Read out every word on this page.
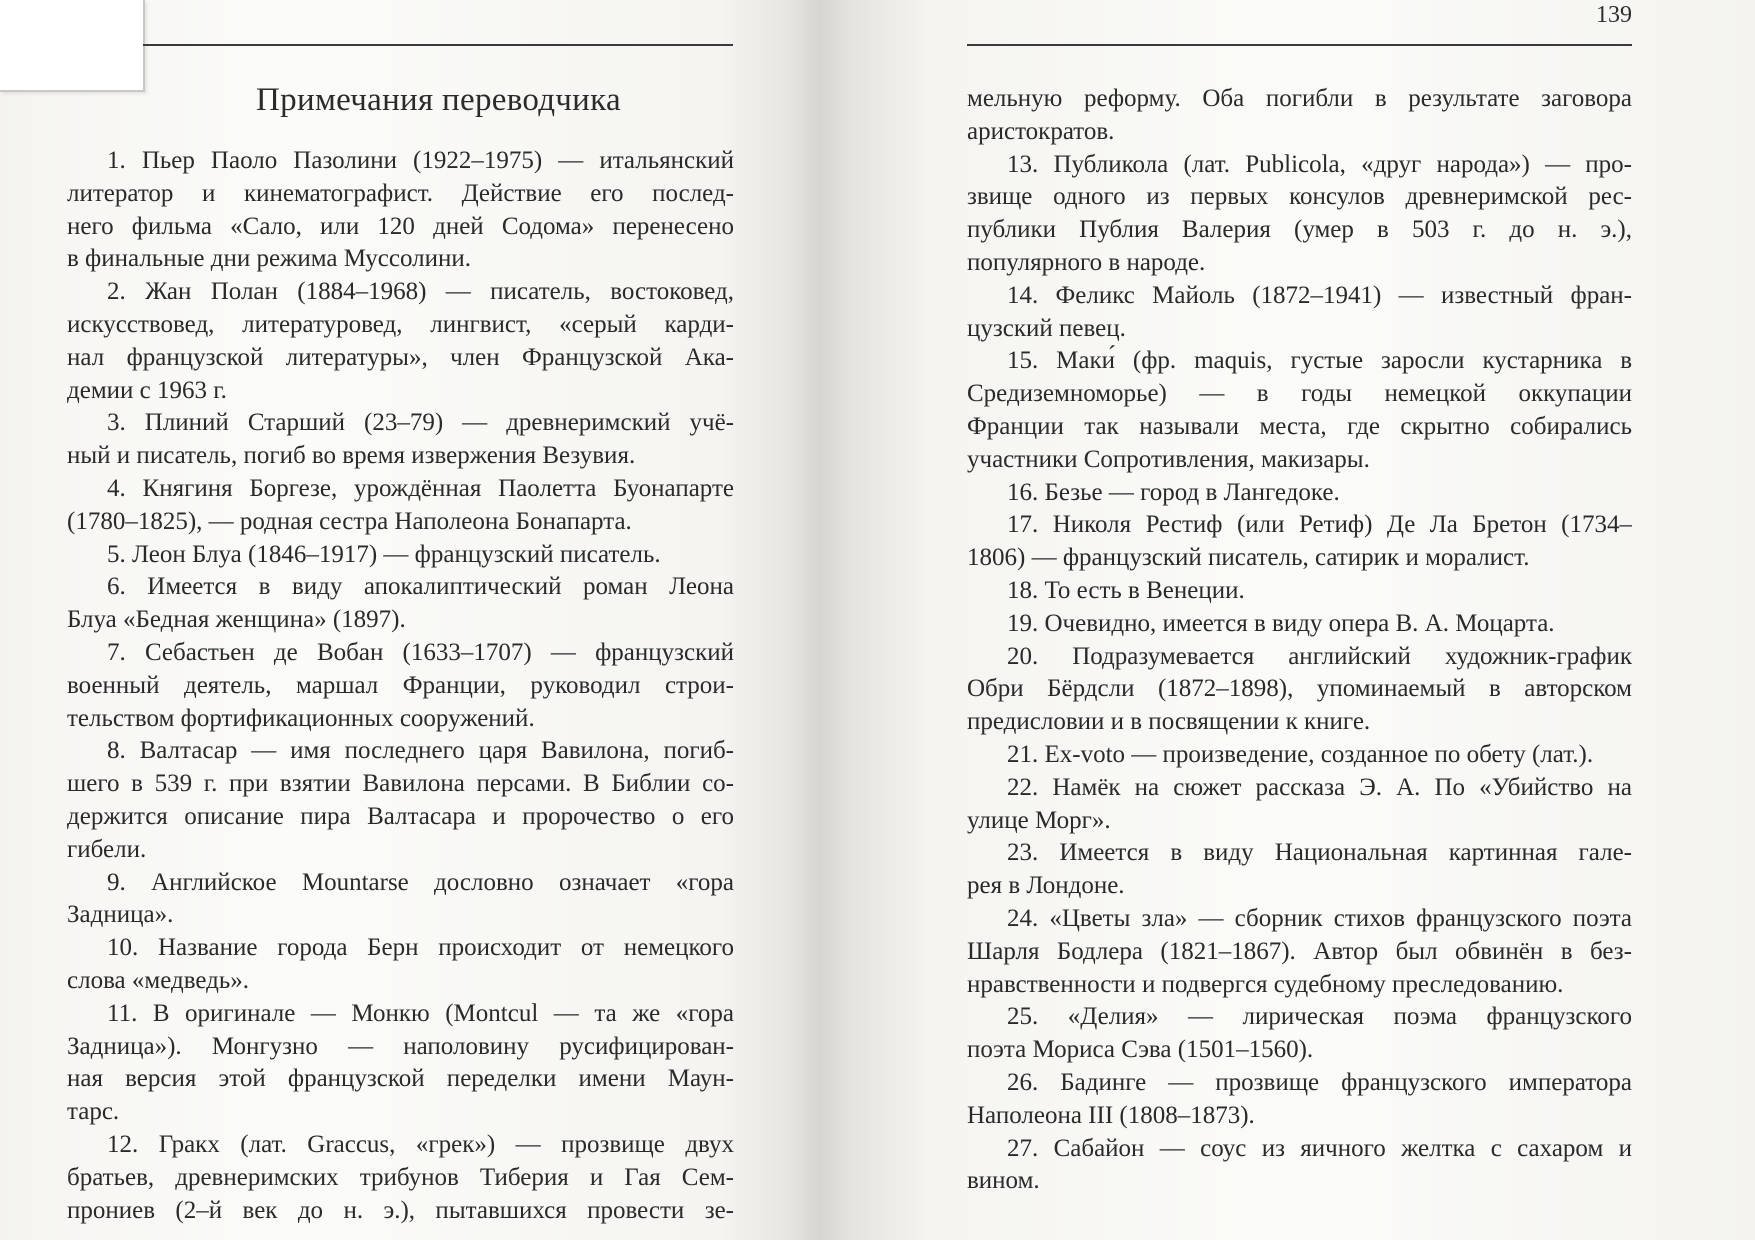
139
Примечания переводчика
1. Пьер Паоло Пазолини (1922–1975) — итальянский
литератор и кинематографист. Действие его послед-
него фильма «Сало, или 120 дней Содома» перенесено
в финальные дни режима Муссолини.
2. Жан Полан (1884–1968) — писатель, востоковед,
искусствовед, литературовед, лингвист, «серый карди-
нал французской литературы», член Французской Ака-
демии с 1963 г.
3. Плиний Старший (23–79) — древнеримский учё-
ный и писатель, погиб во время извержения Везувия.
4. Княгиня Боргезе, урождённая Паолетта Буонапарте
(1780–1825), — родная сестра Наполеона Бонапарта.
5. Леон Блуа (1846–1917) — французский писатель.
6. Имеется в виду апокалиптический роман Леона
Блуа «Бедная женщина» (1897).
7. Себастьен де Вобан (1633–1707) — французский
военный деятель, маршал Франции, руководил строи-
тельством фортификационных сооружений.
8. Валтасар — имя последнего царя Вавилона, погиб-
шего в 539 г. при взятии Вавилона персами. В Библии со-
держится описание пира Валтасара и пророчество о его
гибели.
9. Английское Mountarse дословно означает «гора
Задница».
10. Название города Берн происходит от немецкого
слова «медведь».
11. В оригинале — Монкю (Montcul — та же «гора
Задница»). Монгузно — наполовину русифицирован-
ная версия этой французской переделки имени Маун-
тарс.
12. Гракх (лат. Graccus, «грек») — прозвище двух
братьев, древнеримских трибунов Тиберия и Гая Сем-
прониев (2–й век до н. э.), пытавшихся провести зе-
мельную реформу. Оба погибли в результате заговора
аристократов.
13. Публикола (лат. Publicola, «друг народа») — про-
звище одного из первых консулов древнеримской рес-
публики Публия Валерия (умер в 503 г. до н. э.),
популярного в народе.
14. Феликс Майоль (1872–1941) — известный фран-
цузский певец.
15. Маки́ (фр. maquis, густые заросли кустарника в
Средиземноморье) — в годы немецкой оккупации
Франции так называли места, где скрытно собирались
участники Сопротивления, макизары.
16. Безье — город в Лангедоке.
17. Николя Рестиф (или Ретиф) Де Ла Бретон (1734–
1806) — французский писатель, сатирик и моралист.
18. То есть в Венеции.
19. Очевидно, имеется в виду опера В. А. Моцарта.
20. Подразумевается английский художник-график
Обри Бёрдсли (1872–1898), упоминаемый в авторском
предисловии и в посвящении к книге.
21. Ex-voto — произведение, созданное по обету (лат.).
22. Намёк на сюжет рассказа Э. А. По «Убийство на
улице Морг».
23. Имеется в виду Национальная картинная гале-
рея в Лондоне.
24. «Цветы зла» — сборник стихов французского поэта
Шарля Бодлера (1821–1867). Автор был обвинён в без-
нравственности и подвергся судебному преследованию.
25. «Делия» — лирическая поэма французского
поэта Мориса Сэва (1501–1560).
26. Бадинге — прозвище французского императора
Наполеона III (1808–1873).
27. Сабайон — соус из яичного желтка с сахаром и
вином.
